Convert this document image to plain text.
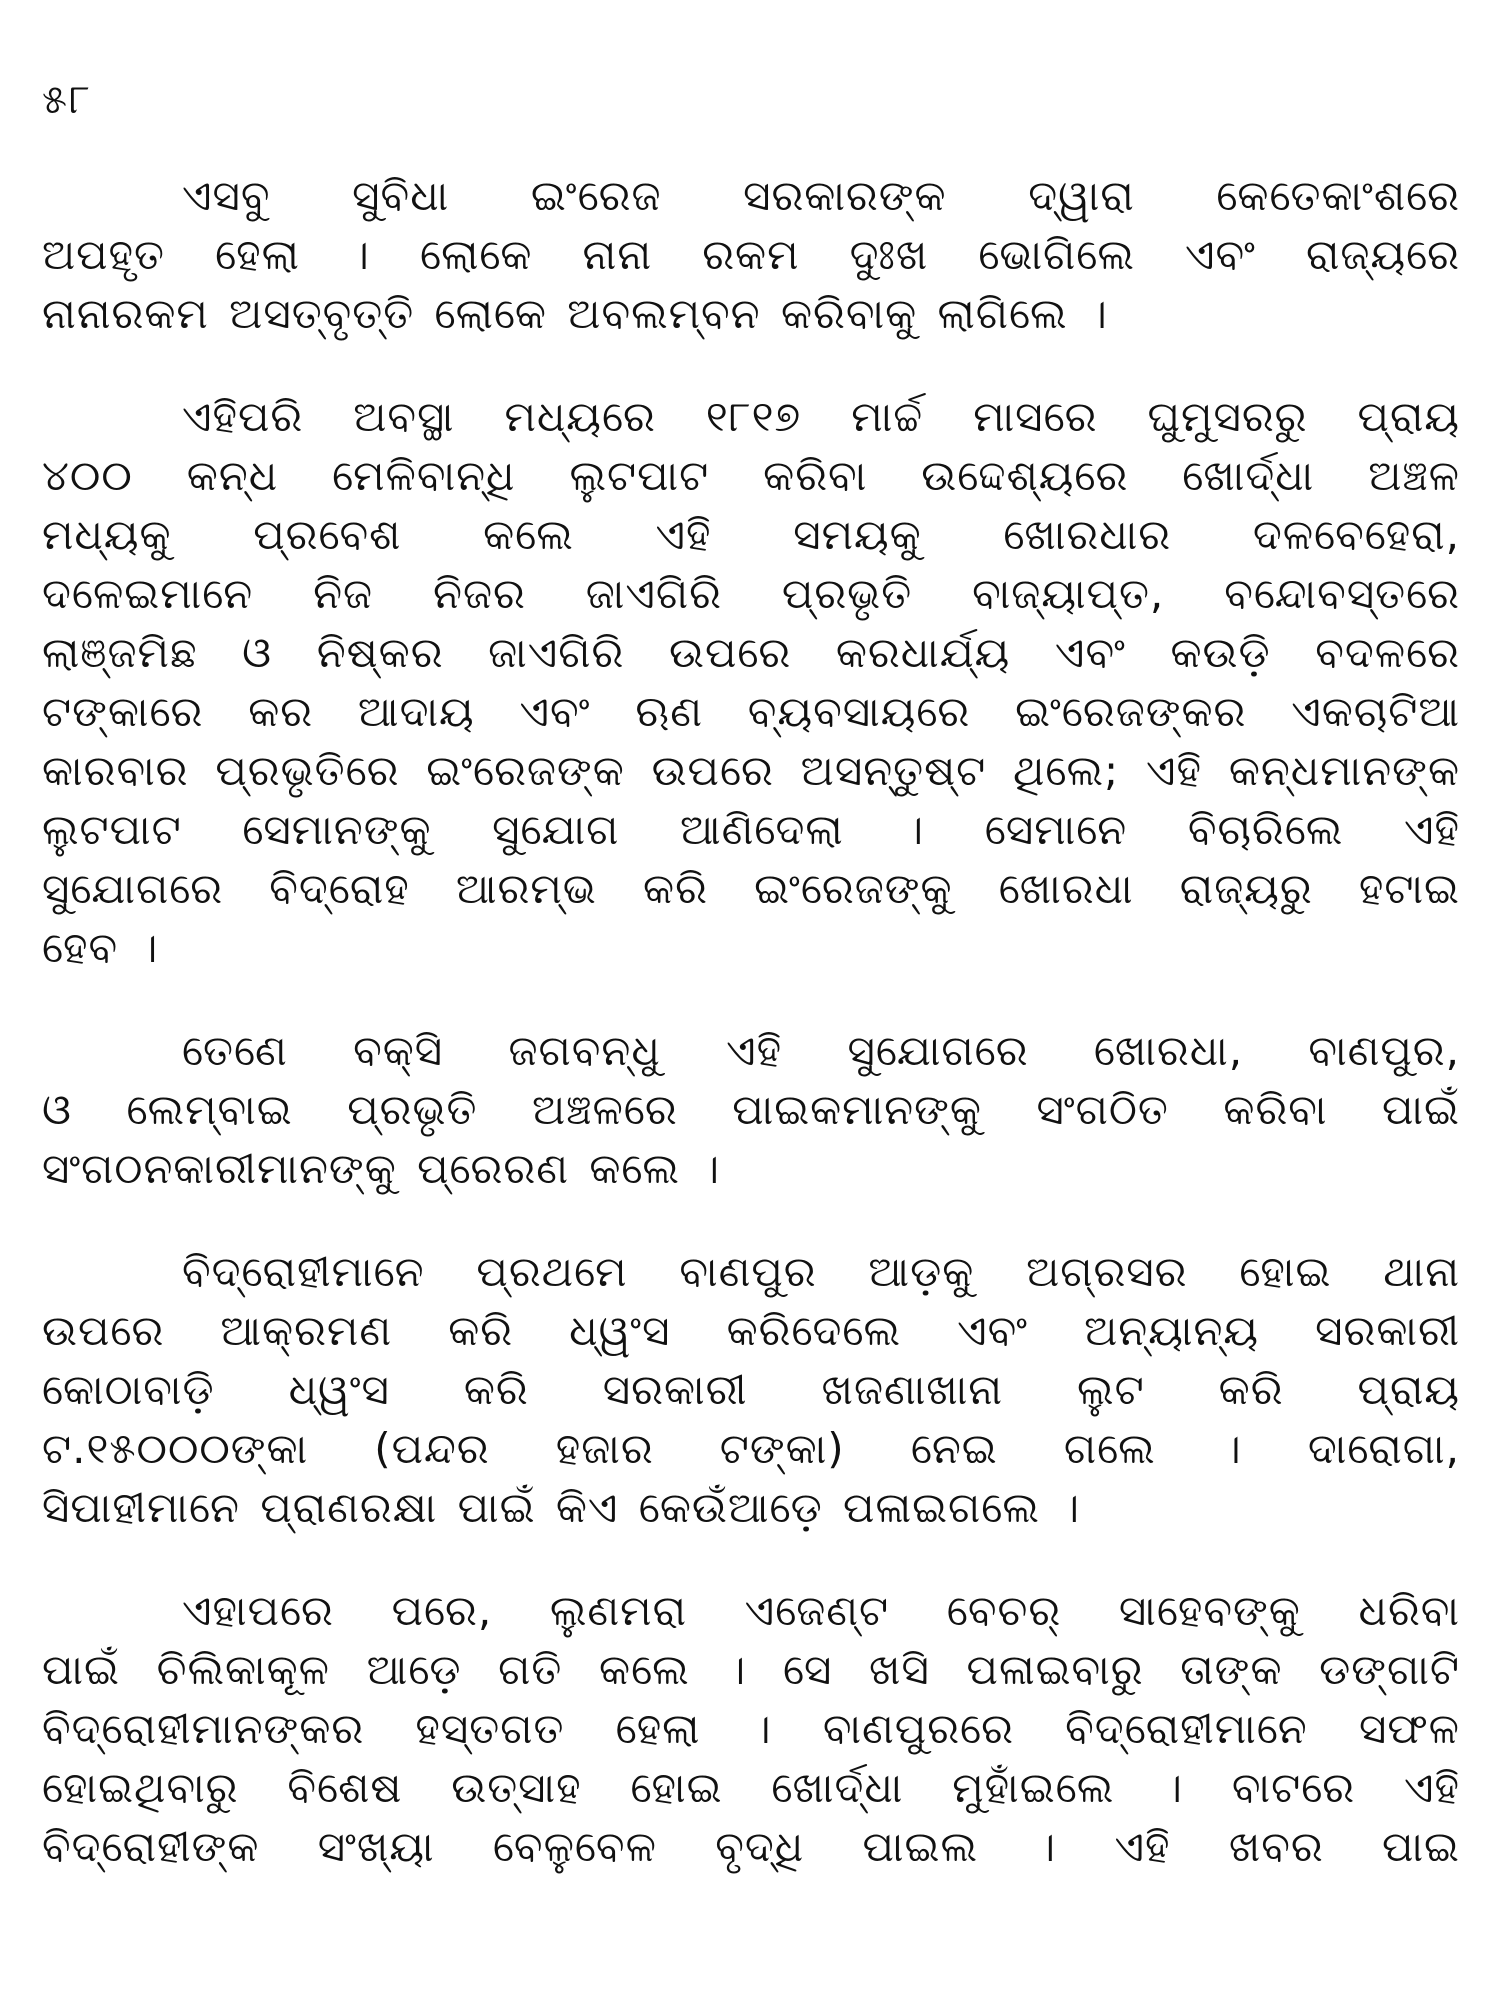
୫୮
ଏସବୁ ସୁବିଧା ଇଂରେଜ ସରକାରଙ୍କ ଦ୍ୱାରା କେତେକାଂଶରେ
ଅପହୃତ ହେଲା । ଲୋକେ ନାନା ରକମ ଦୁଃଖ ଭୋଗିଲେ ଏବଂ ରାଜ୍ୟରେ
ନାନାରକମ ଅସତ୍‌ବୃତ୍ତି ଲୋକେ ଅବଲମ୍ବନ କରିବାକୁ ଲାଗିଲେ ।
ଏହିପରି ଅବସ୍ଥା ମଧ୍ୟରେ ୧୮୧୭ ମାର୍ଚ୍ଚ ମାସରେ ଘୁମୁସରରୁ ପ୍ରାୟ
୪୦୦ କନ୍ଧ ମେଳିବାନ୍ଧି ଲୁଟପାଟ କରିବା ଉଦ୍ଦେଶ୍ୟରେ ଖୋର୍ଦ୍ଧା ଅଞ୍ଚଳ
ମଧ୍ୟକୁ ପ୍ରବେଶ କଲେ ଏହି ସମୟକୁ ଖୋରଧାର ଦଳବେହେରା,
ଦଳେଇମାନେ ନିଜ ନିଜର ଜାଏଗିରି ପ୍ରଭୃତି ବାଜ୍ୟାପ୍ତ, ବନ୍ଦୋବସ୍ତରେ
ଲାଞ୍ଜମିଛ ଓ ନିଷ୍କର ଜାଏଗିରି ଉପରେ କରଧାର୍ଯ୍ୟ ଏବଂ କଉଡ଼ି ବଦଳରେ
ଟଙ୍କାରେ କର ଆଦାୟ ଏବଂ ଋଣ ବ୍ୟବସାୟରେ ଇଂରେଜଙ୍କର ଏକଚାଟିଆ
କାରବାର ପ୍ରଭୃତିରେ ଇଂରେଜଙ୍କ ଉପରେ ଅସନ୍ତୁଷ୍ଟ ଥିଲେ; ଏହି କନ୍ଧମାନଙ୍କ
ଲୁଟପାଟ ସେମାନଙ୍କୁ ସୁଯୋଗ ଆଣିଦେଲା । ସେମାନେ ବିଚାରିଲେ ଏହି
ସୁଯୋଗରେ ବିଦ୍ରୋହ ଆରମ୍ଭ କରି ଇଂରେଜଙ୍କୁ ଖୋରଧା ରାଜ୍ୟରୁ ହଟାଇ
ହେବ ।
ତେଣେ ବକ୍‌ସି ଜଗବନ୍ଧୁ ଏହି ସୁଯୋଗରେ ଖୋରଧା, ବାଣପୁର,
ଓ ଲେମ୍ବାଇ ପ୍ରଭୃତି ଅଞ୍ଚଳରେ ପାଇକମାନଙ୍କୁ ସଂଗଠିତ କରିବା ପାଇଁ
ସଂଗଠନକାରୀମାନଙ୍କୁ ପ୍ରେରଣ କଲେ ।
ବିଦ୍ରୋହୀମାନେ ପ୍ରଥମେ ବାଣପୁର ଆଡ଼କୁ ଅଗ୍ରସର ହୋଇ ଥାନା
ଉପରେ ଆକ୍ରମଣ କରି ଧ୍ୱଂସ କରିଦେଲେ ଏବଂ ଅନ୍ୟାନ୍ୟ ସରକାରୀ
କୋଠାବାଡ଼ି ଧ୍ୱଂସ କରି ସରକାରୀ ଖଜଣାଖାନା ଲୁଟ କରି ପ୍ରାୟ
ଟ.୧୫୦୦୦ଙ୍କା (ପନ୍ଦର ହଜାର ଟଙ୍କା) ନେଇ ଗଲେ । ଦାରୋଗା,
ସିପାହୀମାନେ ପ୍ରାଣରକ୍ଷା ପାଇଁ କିଏ କେଉଁଆଡ଼େ ପଳାଇଗଲେ ।
ଏହାପରେ ପରେ, ଲୁଣମରା ଏଜେଣ୍ଟ ବେଚର୍ ସାହେବଙ୍କୁ ଧରିବା
ପାଇଁ ଚିଲିକାକୂଳ ଆଡ଼େ ଗତି କଲେ । ସେ ଖସି ପଳାଇବାରୁ ତାଙ୍କ ଡଙ୍ଗାଟି
ବିଦ୍ରୋହୀମାନଙ୍କର ହସ୍ତଗତ ହେଲା । ବାଣପୁରରେ ବିଦ୍ରୋହୀମାନେ ସଫଳ
ହୋଇଥିବାରୁ ବିଶେଷ ଉତ୍ସାହ ହୋଇ ଖୋର୍ଦ୍ଧା ମୁହାଁଇଲେ । ବାଟରେ ଏହି
ବିଦ୍ରୋହୀଙ୍କ ସଂଖ୍ୟା ବେଳୁବେଳ ବୃଦ୍ଧି ପାଇଲ । ଏହି ଖବର ପାଇ
